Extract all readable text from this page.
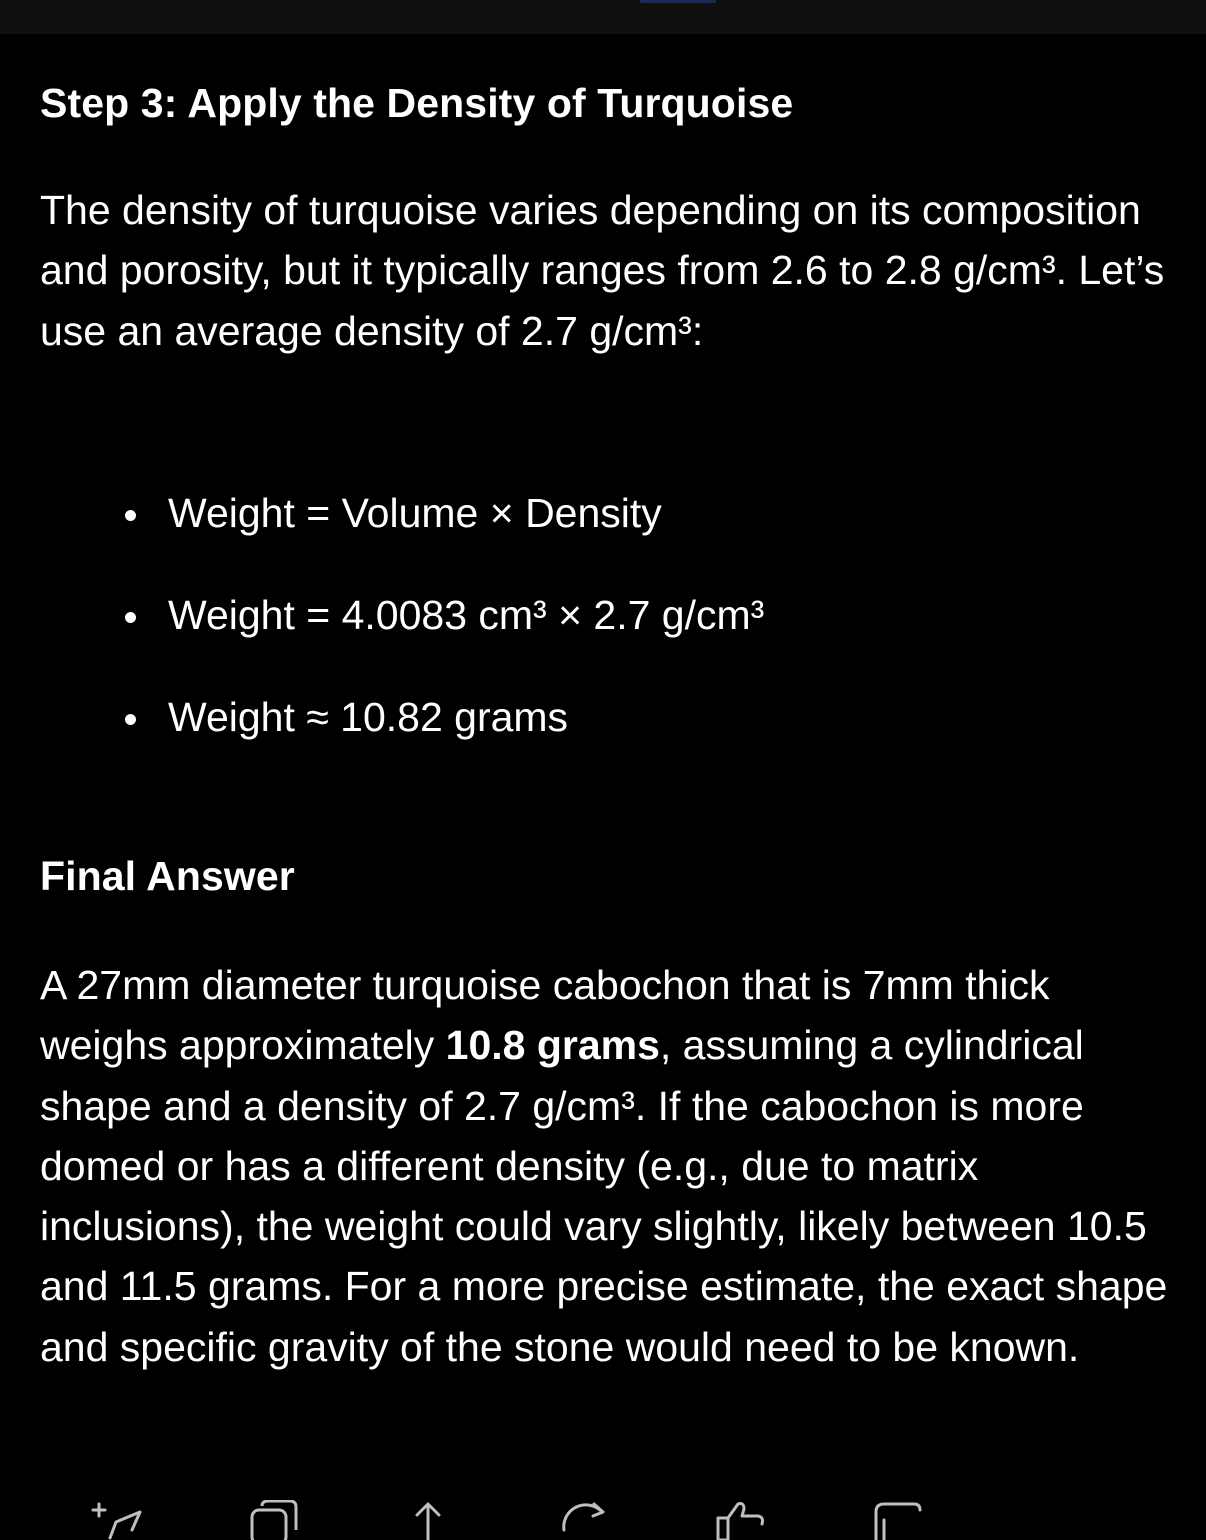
Step 3: Apply the Density of Turquoise
The density of turquoise varies depending on its composition and porosity, but it typically ranges from 2.6 to 2.8 g/cm³. Let’s use an average density of 2.7 g/cm³:
Weight = Volume × Density
Weight = 4.0083 cm³ × 2.7 g/cm³
Weight ≈ 10.82 grams
Final Answer
A 27mm diameter turquoise cabochon that is 7mm thick weighs approximately 10.8 grams, assuming a cylindrical shape and a density of 2.7 g/cm³. If the cabochon is more domed or has a different density (e.g., due to matrix inclusions), the weight could vary slightly, likely between 10.5 and 11.5 grams. For a more precise estimate, the exact shape and specific gravity of the stone would need to be known.
